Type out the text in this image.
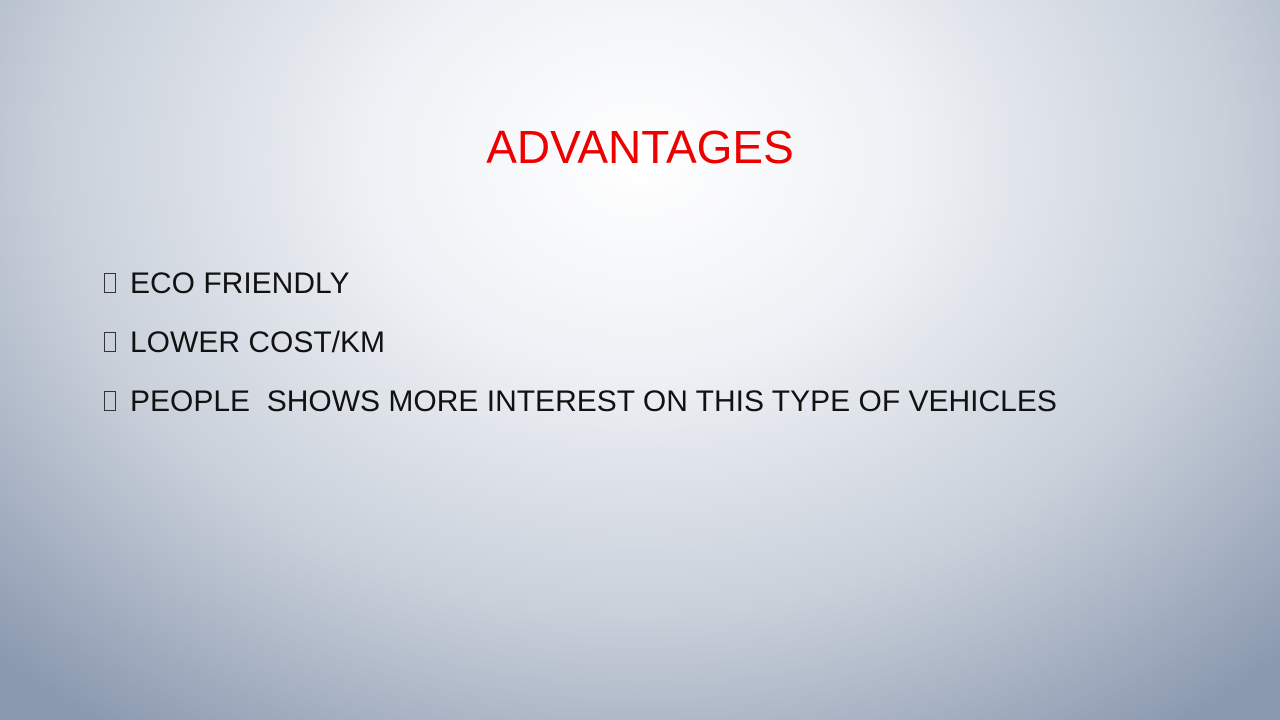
ADVANTAGES
ECO FRIENDLY
LOWER COST/KM
PEOPLE  SHOWS MORE INTEREST ON THIS TYPE OF VEHICLES
